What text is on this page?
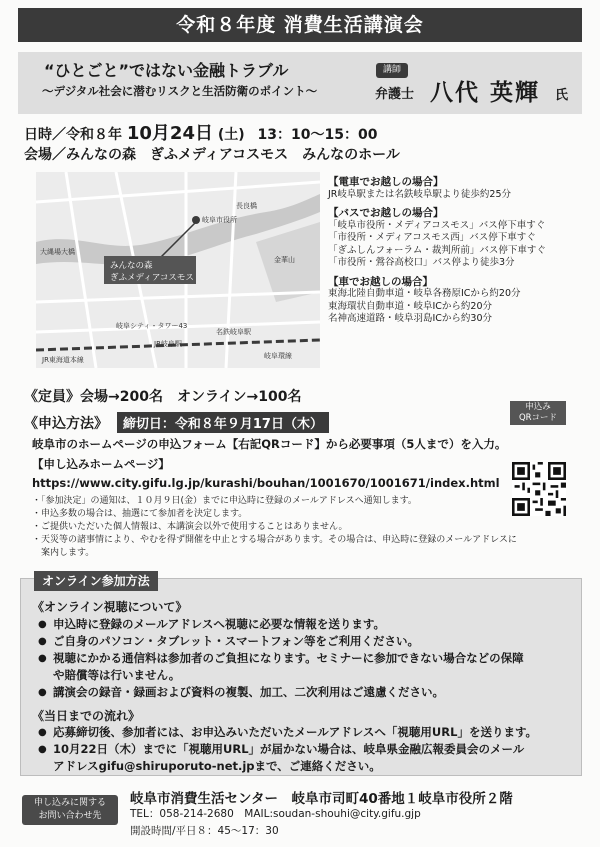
令和８年度 消費生活講演会
“ひとごと”ではない金融トラブル
～デジタル社会に潜むリスクと生活防衛のポイント～
講師
弁護士 八代 英輝 氏
日時／令和８年 10月24日 (土) 13：10～15：00
会場／みんなの森　ぎふメディアコスモス　みんなのホール
みんなの森
ぎふメディアコスモス
岐阜市役所
金華山
大縄場大橋
長良橋
岐阜シティ・タワー43
JR岐阜駅
名鉄岐阜駅
JR東海道本線	岐阜環線
【電車でお越しの場合】
JR岐阜駅または名鉄岐阜駅より徒歩約25分
【バスでお越しの場合】
「岐阜市役所・メディアコスモス」バス停下車すぐ
「市役所・メディアコスモス西」バス停下車すぐ
「ぎふしんフォーラム・裁判所前」バス停下車すぐ
「市役所・鶯谷高校口」バス停より徒歩3分
【車でお越しの場合】
東海北陸自動車道・岐阜各務原ICから約20分
東海環状自動車道・岐阜ICから約20分
名神高速道路・岐阜羽島ICから約30分
《定員》会場→200名　オンライン→100名
《申込方法》 締切日：令和８年９月17日（木）
岐阜市のホームページの申込フォーム【右記QRコード】から必要事項（5人まで）を入力。
【申し込みホームページ】
https://www.city.gifu.lg.jp/kurashi/bouhan/1001670/1001671/index.html
申込み
QRコード
・「参加決定」の通知は、１０月９日(金）までに申込時に登録のメールアドレスへ通知します。
・申込多数の場合は、抽選にて参加者を決定します。
・ご提供いただいた個人情報は、本講演会以外で使用することはありません。
・天災等の諸事情により、やむを得ず開催を中止とする場合があります。その場合は、申込時に登録のメールアドレスに
　案内します。
オンライン参加方法
《オンライン視聴について》
● 申込時に登録のメールアドレスへ視聴に必要な情報を送ります。
● ご自身のパソコン・タブレット・スマートフォン等をご利用ください。
● 視聴にかかる通信料は参加者のご負担になります。セミナーに参加できない場合などの保障
や賠償等は行いません。
● 講演会の録音・録画および資料の複製、加工、二次利用はご遠慮ください。
《当日までの流れ》
● 応募締切後、参加者には、お申込みいただいたメールアドレスへ「視聴用URL」を送ります。
● 10月22日（木）までに「視聴用URL」が届かない場合は、岐阜県金融広報委員会のメール
アドレスgifu@shiruporuto-net.jpまで、ご連絡ください。
申し込みに関する
お問い合わせ先
岐阜市消費生活センター　岐阜市司町40番地１岐阜市役所２階
TEL：058-214-2680　MAIL:soudan-shouhi@city.gifu.gjp
開設時間/平日８：45～17：30
